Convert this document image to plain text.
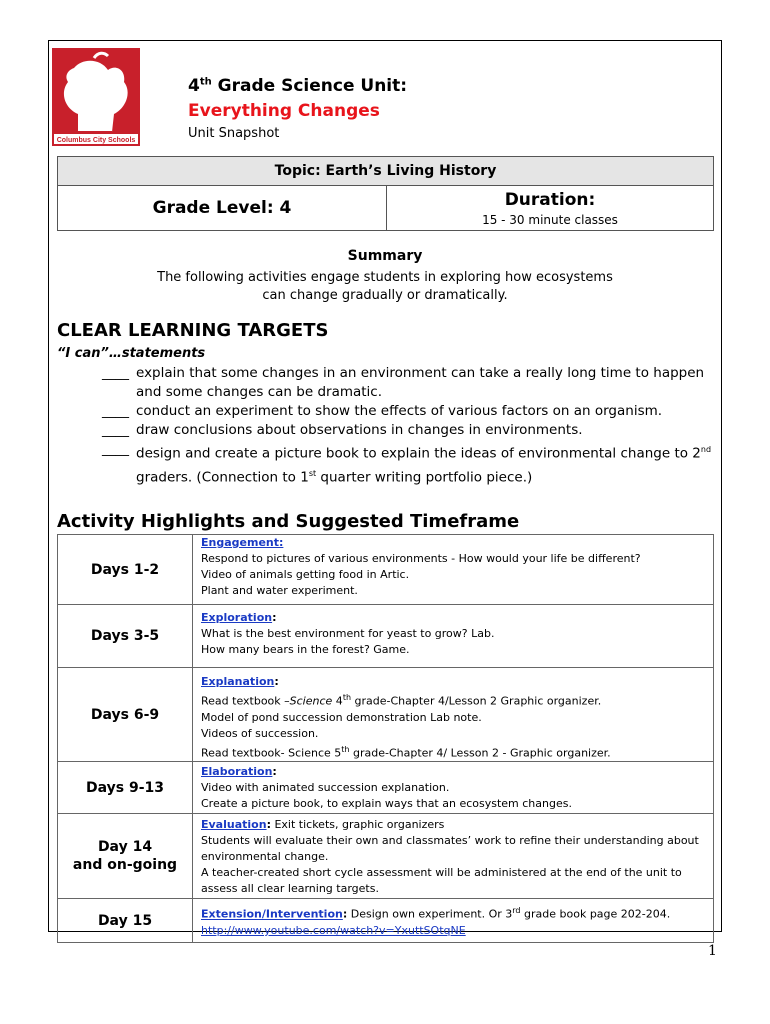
Columbus City Schools
4th Grade Science Unit:
Everything Changes
Unit Snapshot
Topic: Earth’s Living History
Grade Level: 4	Duration:
15 - 30 minute classes
Summary
The following activities engage students in exploring how ecosystems
can change gradually or dramatically.
CLEAR LEARNING TARGETS
“I can”…statements
____ explain that some changes in an environment can take a really long time to happen and some changes can be dramatic.
____ conduct an experiment to show the effects of various factors on an organism.
____ draw conclusions about observations in changes in environments.
____ design and create a picture book to explain the ideas of environmental change to 2nd graders. (Connection to 1st quarter writing portfolio piece.)
Activity Highlights and Suggested Timeframe
Days 1-2	Engagement:
Respond to pictures of various environments - How would your life be different?
Video of animals getting food in Artic.
Plant and water experiment.
Days 3-5	Exploration:
What is the best environment for yeast to grow? Lab.
How many bears in the forest? Game.
Days 6-9	Explanation:
Read textbook –Science 4th grade-Chapter 4/Lesson 2 Graphic organizer.
Model of pond succession demonstration Lab note.
Videos of succession.
Read textbook- Science 5th grade-Chapter 4/ Lesson 2 - Graphic organizer.
Days 9-13	Elaboration:
Video with animated succession explanation.
Create a picture book, to explain ways that an ecosystem changes.
Day 14
and on-going	Evaluation: Exit tickets, graphic organizers
Students will evaluate their own and classmates’ work to refine their understanding about environmental change.
A teacher-created short cycle assessment will be administered at the end of the unit to assess all clear learning targets.
Day 15	Extension/Intervention: Design own experiment. Or 3rd grade book page 202-204.
http://www.youtube.com/watch?v=YxuttSOtqNE
1
